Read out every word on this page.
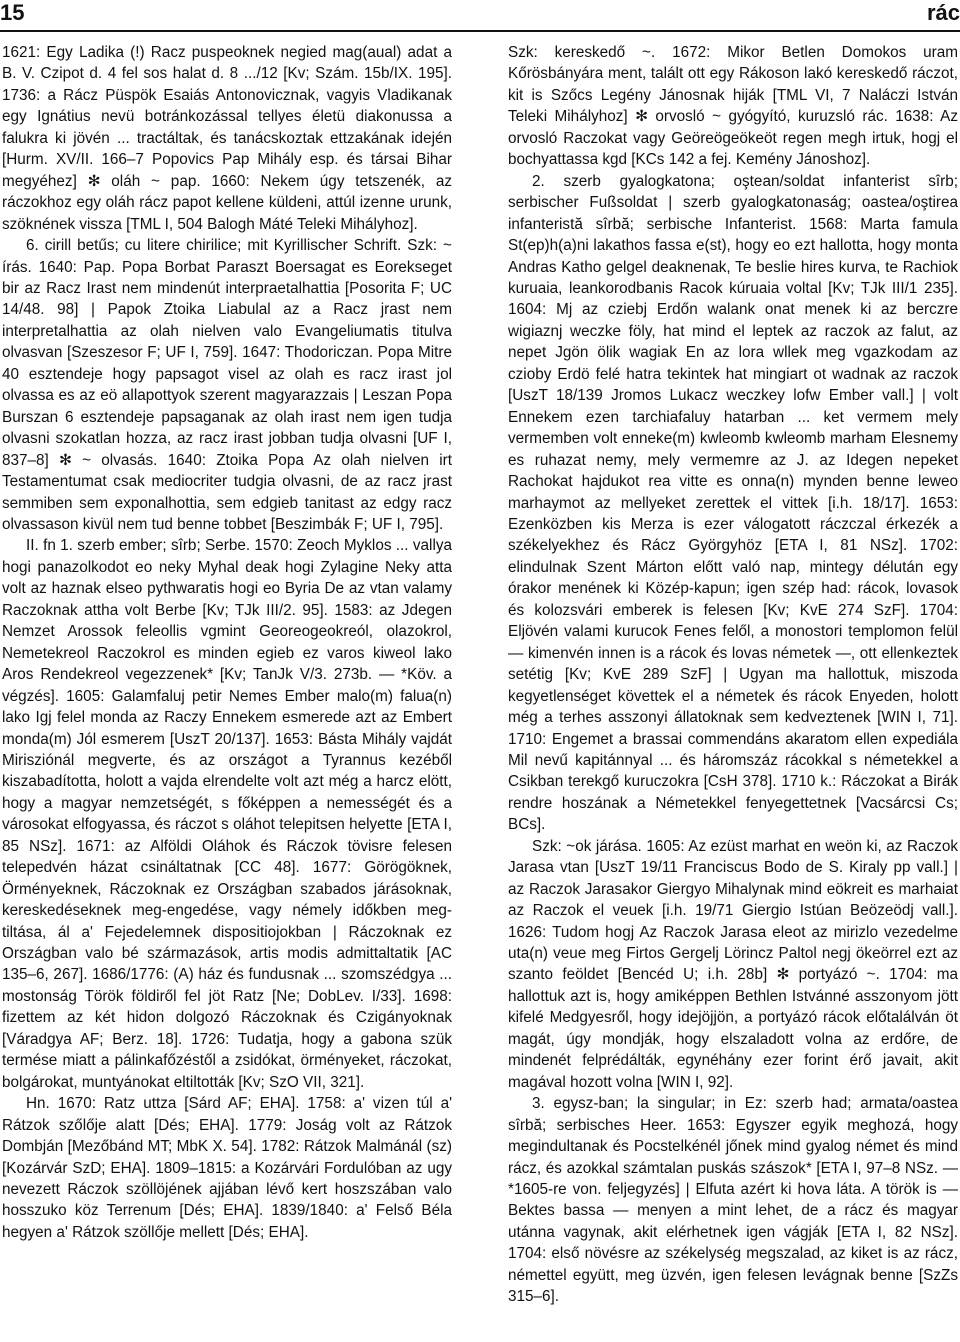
15	rác

1621: Egy Ladika (!) Racz puspeoknek negied mag(aual) adat a B. V. Czipot d. 4 fel sos halat d. 8 .../12 [Kv; Szám. 15b/IX. 195]. 1736: a Rácz Püspök Esaiás Antonovicznak, vagyis Vladikanak egy Ignátius nevü botránkozással tellyes életü diakonussa a falukra ki jövén ... tractáltak, és tanácskoztak ettzakának idején [Hurm. XV/II. 166–7 Popovics Pap Mihály esp. és társai Bihar megyéhez] ✻ oláh ~ pap. 1660: Nekem úgy tetszenék, az ráczokhoz egy oláh rácz papot kellene küldeni, attúl izenne urunk, szöknének vissza [TML I, 504 Balogh Máté Teleki Mihályhoz].

6. cirill betűs; cu litere chirilice; mit Kyrillischer Schrift. Szk: ~ írás. 1640: Pap. Popa Borbat Paraszt Boersagat es Eorekseget bir az Racz Irast nem mindenút interpraetalhattia [Posorita F; UC 14/48. 98] | Papok Ztoika Liabulal az a Racz jrast nem interpretalhattia az olah nielven valo Evangeliumatis titulva olvasvan [Szeszesor F; UF I, 759]. 1647: Thodoriczan. Popa Mitre 40 esztendeje hogy papsagot visel az olah es racz irast jol olvassa es az eö allapottyok szerent magyarazzais | Leszan Popa Burszan 6 esztendeje papsaganak az olah irast nem igen tudja olvasni szokatlan hozza, az racz irast jobban tudja olvasni [UF I, 837–8] ✻ ~ olvasás. 1640: Ztoika Popa Az olah nielven irt Testamentumat csak mediocriter tudgia olvasni, de az racz jrast semmiben sem exponalhottia, sem edgieb tanitast az edgy racz olvassason kivül nem tud benne tobbet [Beszimbák F; UF I, 795].

II. fn 1. szerb ember; sîrb; Serbe. 1570: Zeoch Myklos ... vallya hogi panazolkodot eo neky Myhal deak hogi Zylagine Neky atta volt az haznak elseo pythwaratis hogi eo Byria De az vtan valamy Raczoknak attha volt Berbe [Kv; TJk III/2. 95]. 1583: az Jdegen Nemzet Arossok feleollis vgmint Georeogeokreól, olazokrol, Nemetekreol Raczokrol es minden egieb ez varos kiweol lako Aros Rendekreol vegezzenek* [Kv; TanJk V/3. 273b. — *Köv. a végzés]. 1605: Galamfaluj petir Nemes Ember malo(m) falua(n) lako Igj felel monda az Raczy Ennekem esmerede azt az Embert monda(m) Jól esmerem [UszT 20/137]. 1653: Básta Mihály vajdát Mirisziónál megverte, és az országot a Tyrannus kezéből kiszabadította, holott a vajda elrendelte volt azt még a harcz elött, hogy a magyar nemzetségét, s főképpen a nemességét és a városokat elfogyassa, és ráczot s oláhot telepitsen helyette [ETA I, 85 NSz]. 1671: az Alföldi Oláhok és Ráczok tövisre felesen telepedvén házat csináltatnak [CC 48]. 1677: Görögöknek, Örményeknek, Ráczoknak ez Országban szabados járásoknak, kereskedéseknek meg-engedése, vagy némely időkben meg-tiltása, ál a' Fejedelemnek dispositiojokban | Ráczoknak ez Országban valo bé származások, artis modis admittaltatik [AC 135–6, 267]. 1686/1776: (A) ház és fundusnak ... szomszédgya ... mostonság Török földiről fel jöt Ratz [Ne; DobLev. I/33]. 1698: fizettem az két hidon dolgozó Ráczoknak és Czigányoknak [Váradgya AF; Berz. 18]. 1726: Tudatja, hogy a gabona szük termése miatt a pálinkafőzéstől a zsidókat, örményeket, ráczokat, bolgárokat, muntyánokat eltiltották [Kv; SzO VII, 321].

Hn. 1670: Ratz uttza [Sárd AF; EHA]. 1758: a' vizen túl a' Rátzok szőlője alatt [Dés; EHA]. 1779: Joság volt az Rátzok Dombján [Mezőbánd MT; MbK X. 54]. 1782: Rátzok Malmánál (sz) [Kozárvár SzD; EHA]. 1809–1815: a Kozárvári Fordulóban az ugy nevezett Ráczok szöllöjének ajjában lévő kert hoszszában valo hosszuko köz Terrenum [Dés; EHA]. 1839/1840: a' Felső Béla hegyen a' Rátzok szöllője mellett [Dés; EHA].

Szk: kereskedő ~. 1672: Mikor Betlen Domokos uram Kőrösbányára ment, talált ott egy Rákoson lakó kereskedő ráczot, kit is Szőcs Legény Jánosnak hiják [TML VI, 7 Naláczi István Teleki Mihályhoz] ✻ orvosló ~ gyógyító, kuruzsló rác. 1638: Az orvosló Raczokat vagy Geöreögeökeöt regen megh irtuk, hogj el bochyattassa kgd [KCs 142 a fej. Kemény Jánoshoz].

2. szerb gyalogkatona; oştean/soldat infanterist sîrb; serbischer Fußsoldat | szerb gyalogkatonaság; oastea/oştirea infanteristă sîrbă; serbische Infanterist. 1568: Marta famula St(ep)h(a)ni lakathos fassa e(st), hogy eo ezt hallotta, hogy monta Andras Katho gelgel deaknenak, Te beslie hires kurva, te Rachiok kuruaia, leankorodbanis Racok kúruaia voltal [Kv; TJk III/1 235]. 1604: Mj az cziebj Erdőn walank onat menek ki az berczre wigiaznj weczke föly, hat mind el leptek az raczok az falut, az nepet Jgön ölik wagiak En az lora wllek meg vgazkodam az czioby Erdö felé hatra tekintek hat mingiart ot wadnak az raczok [UszT 18/139 Jromos Lukacz weczkey lofw Ember vall.] | volt Ennekem ezen tarchiafaluy hatarban ... ket vermem mely vermemben volt enneke(m) kwleomb kwleomb marham Elesnemy es ruhazat nemy, mely vermemre az J. az Idegen nepeket Rachokat hajdukot rea vitte es onna(n) mynden benne leweo marhaymot az mellyeket zerettek el vittek [i.h. 18/17]. 1653: Ezenközben kis Merza is ezer válogatott ráczczal érkezék a székelyekhez és Rácz Györgyhöz [ETA I, 81 NSz]. 1702: elindulnak Szent Márton előtt való nap, mintegy délután egy órakor menének ki Közép-kapun; igen szép had: rácok, lovasok és kolozsvári emberek is felesen [Kv; KvE 274 SzF]. 1704: Eljövén valami kurucok Fenes felől, a monostori templomon felül — kimenvén innen is a rácok és lovas németek —, ott ellenkeztek setétig [Kv; KvE 289 SzF] | Ugyan ma hallottuk, miszoda kegyetlenséget követtek el a németek és rácok Enyeden, holott még a terhes asszonyi állatoknak sem kedveztenek [WIN I, 71]. 1710: Engemet a brassai commendáns akaratom ellen expediála Mil nevű kapitánnyal ... és háromszáz rácokkal s németekkel a Csikban terekgő kuruczokra [CsH 378]. 1710 k.: Ráczokat a Birák rendre hoszának a Németekkel fenyegettetnek [Vacsárcsi Cs; BCs].

Szk: ~ok járása. 1605: Az ezüst marhat en weön ki, az Raczok Jarasa vtan [UszT 19/11 Franciscus Bodo de S. Kiraly pp vall.] | az Raczok Jarasakor Giergyo Mihalynak mind eökreit es marhaiat az Raczok el veuek [i.h. 19/71 Giergio Istúan Beözeödj vall.]. 1626: Tudom hogj Az Raczok Jarasa eleot az mirizlo vezedelme uta(n) veue meg Firtos Gergelj Lörincz Paltol negj ökeörrel ezt az szanto feöldet [Bencéd U; i.h. 28b] ✻ portyázó ~. 1704: ma hallottuk azt is, hogy amiképpen Bethlen Istvánné asszonyom jött kifelé Medgyesről, hogy idejöjjön, a portyázó rácok előtalálván öt magát, úgy mondják, hogy elszaladott volna az erdőre, de mindenét felprédálták, egynéhány ezer forint érő javait, akit magával hozott volna [WIN I, 92].

3. egysz-ban; la singular; in Ez: szerb had; armata/oastea sîrbă; serbisches Heer. 1653: Egyszer egyik meghozá, hogy megindultanak és Pocstelkénél jőnek mind gyalog német és mind rácz, és azokkal számtalan puskás szászok* [ETA I, 97–8 NSz. — *1605-re von. feljegyzés] | Elfuta azért ki hova láta. A török is — Bektes bassa — menyen a mint lehet, de a rácz és magyar utánna vagynak, akit elérhetnek igen vágják [ETA I, 82 NSz]. 1704: első növésre az székelység megszalad, az kiket is az rácz, némettel együtt, meg üzvén, igen felesen levágnak benne [SzZs 315–6].
